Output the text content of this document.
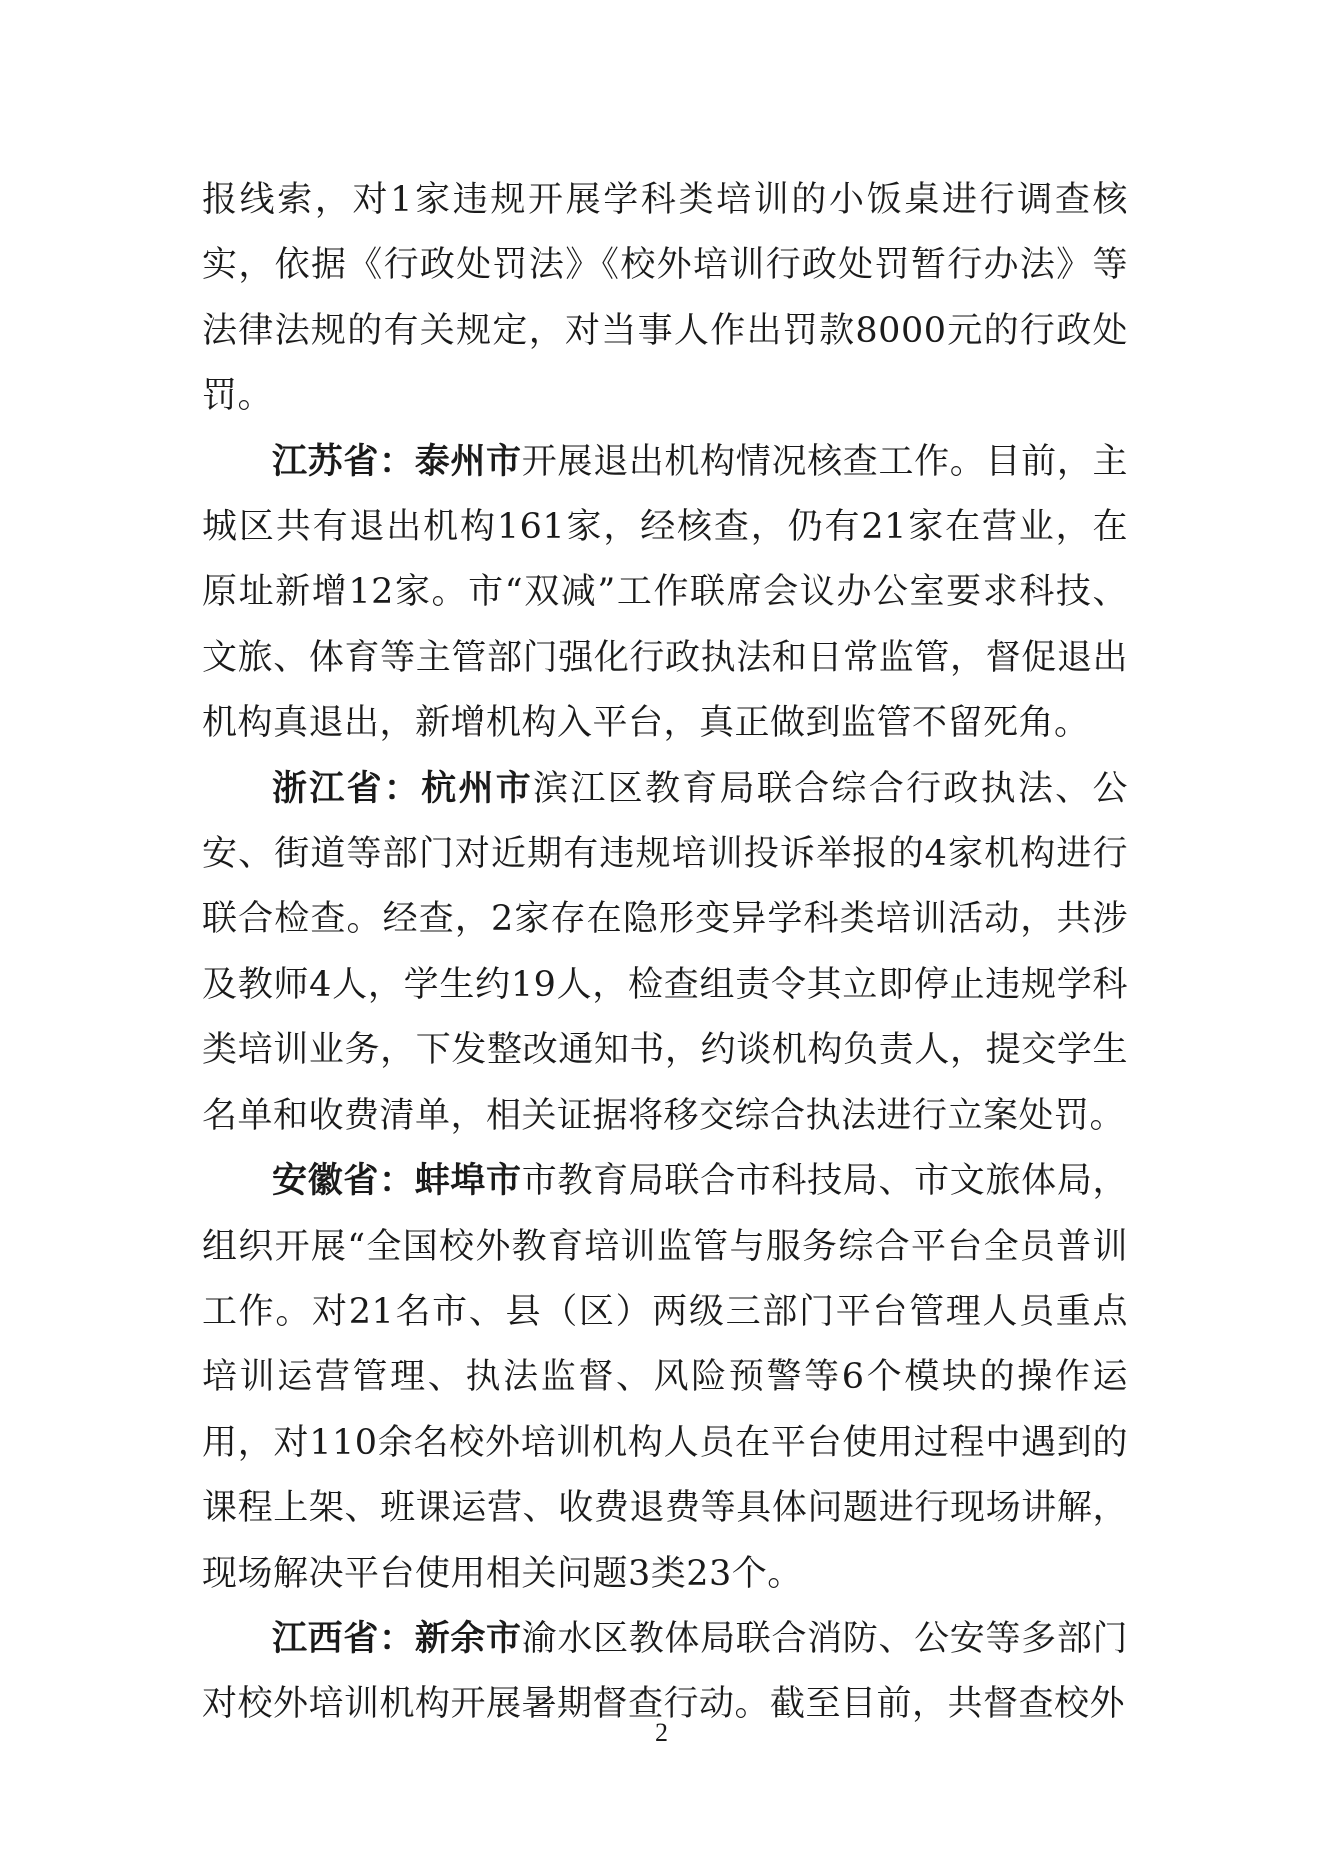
报线索，对1家违规开展学科类培训的小饭桌进行调查核实，依据《行政处罚法》《校外培训行政处罚暂行办法》等法律法规的有关规定，对当事人作出罚款8000元的行政处罚。

江苏省：泰州市开展退出机构情况核查工作。目前，主城区共有退出机构161家，经核查，仍有21家在营业，在原址新增12家。市“双减”工作联席会议办公室要求科技、文旅、体育等主管部门强化行政执法和日常监管，督促退出机构真退出，新增机构入平台，真正做到监管不留死角。

浙江省：杭州市滨江区教育局联合综合行政执法、公安、街道等部门对近期有违规培训投诉举报的4家机构进行联合检查。经查，2家存在隐形变异学科类培训活动，共涉及教师4人，学生约19人，检查组责令其立即停止违规学科类培训业务，下发整改通知书，约谈机构负责人，提交学生名单和收费清单，相关证据将移交综合执法进行立案处罚。

安徽省：蚌埠市市教育局联合市科技局、市文旅体局，组织开展“全国校外教育培训监管与服务综合平台全员普训工作。对21名市、县（区）两级三部门平台管理人员重点培训运营管理、执法监督、风险预警等6个模块的操作运用，对110余名校外培训机构人员在平台使用过程中遇到的课程上架、班课运营、收费退费等具体问题进行现场讲解，现场解决平台使用相关问题3类23个。

江西省：新余市渝水区教体局联合消防、公安等多部门对校外培训机构开展暑期督查行动。截至目前，共督查校外

2
